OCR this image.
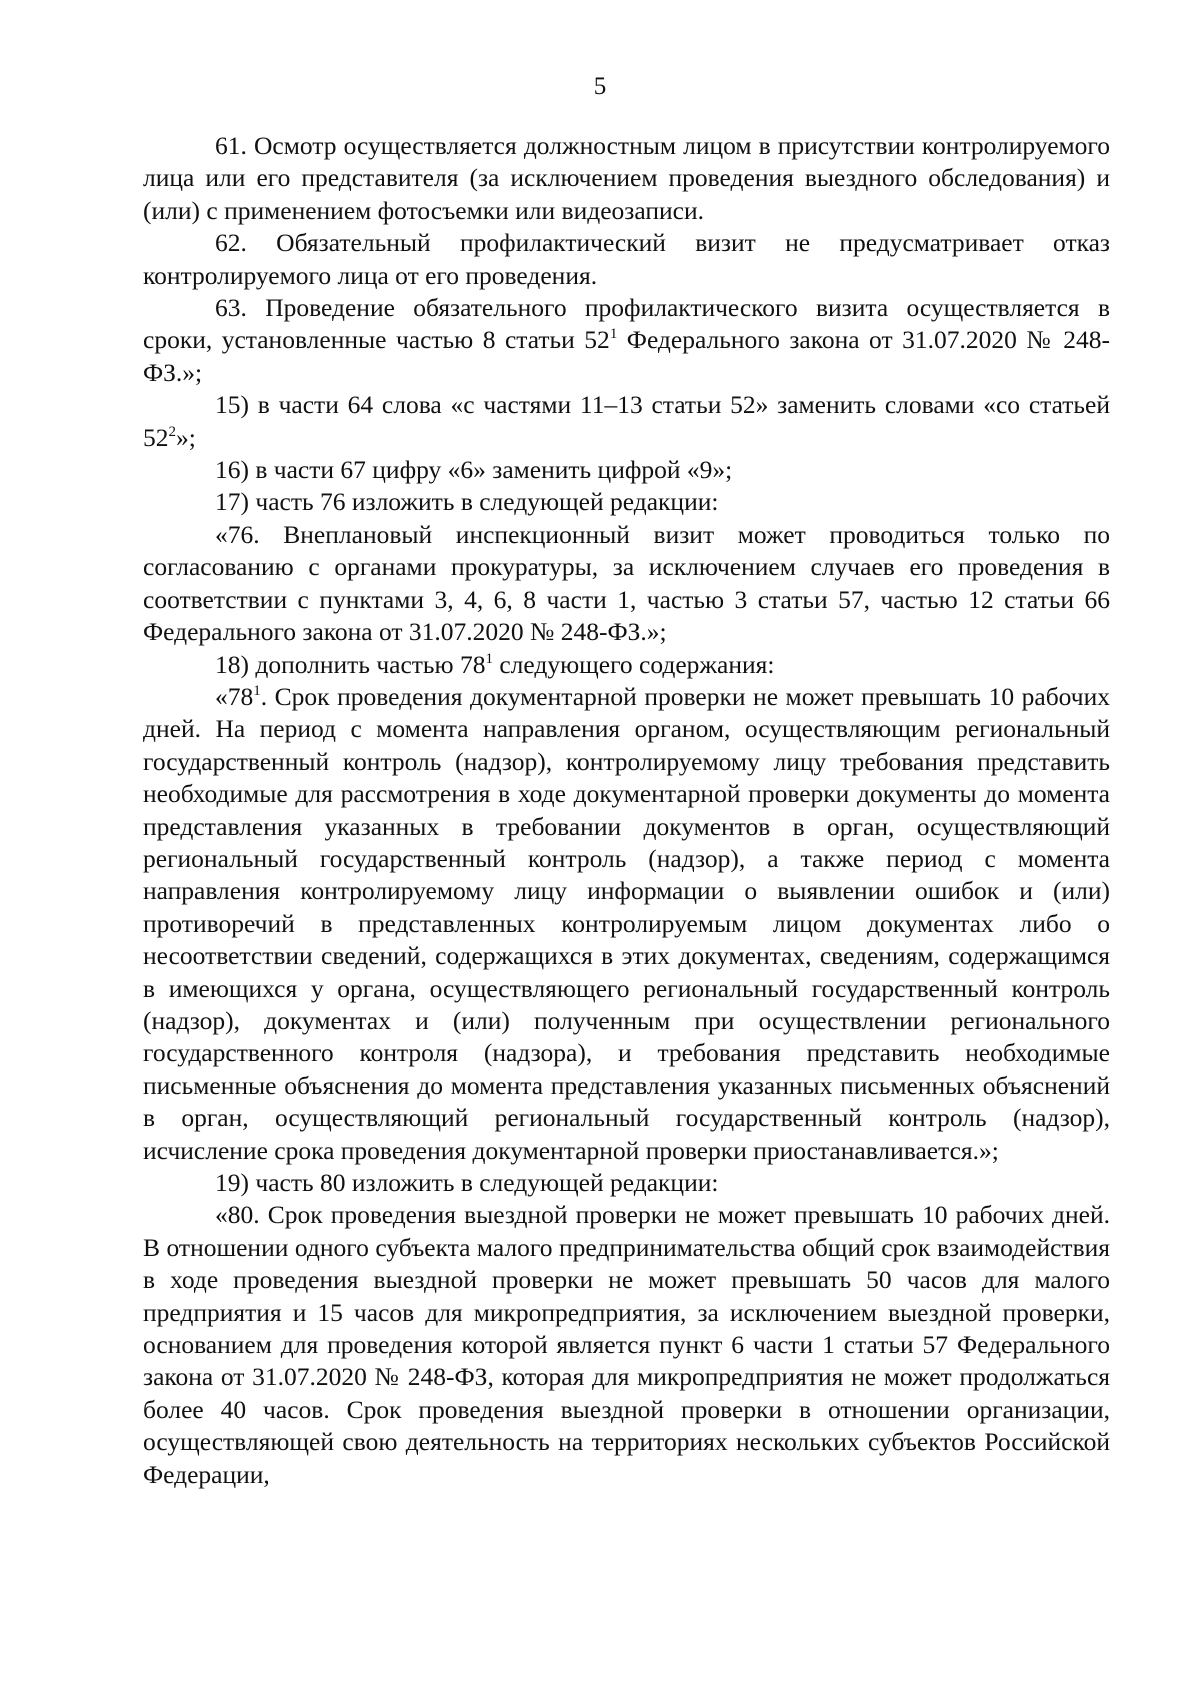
5

61. Осмотр осуществляется должностным лицом в присутствии контролируемого лица или его представителя (за исключением проведения выездного обследования) и (или) с применением фотосъемки или видеозаписи.

62. Обязательный профилактический визит не предусматривает отказ контролируемого лица от его проведения.

63. Проведение обязательного профилактического визита осуществляется в сроки, установленные частью 8 статьи $52^1$ Федерального закона от 31.07.2020 № 248-ФЗ.»;

15) в части 64 слова «с частями 11–13 статьи 52» заменить словами «со статьей $52^2$»;

16) в части 67 цифру «6» заменить цифрой «9»;

17) часть 76 изложить в следующей редакции:

«76. Внеплановый инспекционный визит может проводиться только по согласованию с органами прокуратуры, за исключением случаев его проведения в соответствии с пунктами 3, 4, 6, 8 части 1, частью 3 статьи 57, частью 12 статьи 66 Федерального закона от 31.07.2020 № 248-ФЗ.»;

18) дополнить частью $78^1$ следующего содержания:

«$78^1$. Срок проведения документарной проверки не может превышать 10 рабочих дней. На период с момента направления органом, осуществляющим региональный государственный контроль (надзор), контролируемому лицу требования представить необходимые для рассмотрения в ходе документарной проверки документы до момента представления указанных в требовании документов в орган, осуществляющий региональный государственный контроль (надзор), а также период с момента направления контролируемому лицу информации о выявлении ошибок и (или) противоречий в представленных контролируемым лицом документах либо о несоответствии сведений, содержащихся в этих документах, сведениям, содержащимся в имеющихся у органа, осуществляющего региональный государственный контроль (надзор), документах и (или) полученным при осуществлении регионального государственного контроля (надзора), и требования представить необходимые письменные объяснения до момента представления указанных письменных объяснений в орган, осуществляющий региональный государственный контроль (надзор), исчисление срока проведения документарной проверки приостанавливается.»;

19) часть 80 изложить в следующей редакции:

«80. Срок проведения выездной проверки не может превышать 10 рабочих дней. В отношении одного субъекта малого предпринимательства общий срок взаимодействия в ходе проведения выездной проверки не может превышать 50 часов для малого предприятия и 15 часов для микропредприятия, за исключением выездной проверки, основанием для проведения которой является пункт 6 части 1 статьи 57 Федерального закона от 31.07.2020 № 248-ФЗ, которая для микропредприятия не может продолжаться более 40 часов. Срок проведения выездной проверки в отношении организации, осуществляющей свою деятельность на территориях нескольких субъектов Российской Федерации,
